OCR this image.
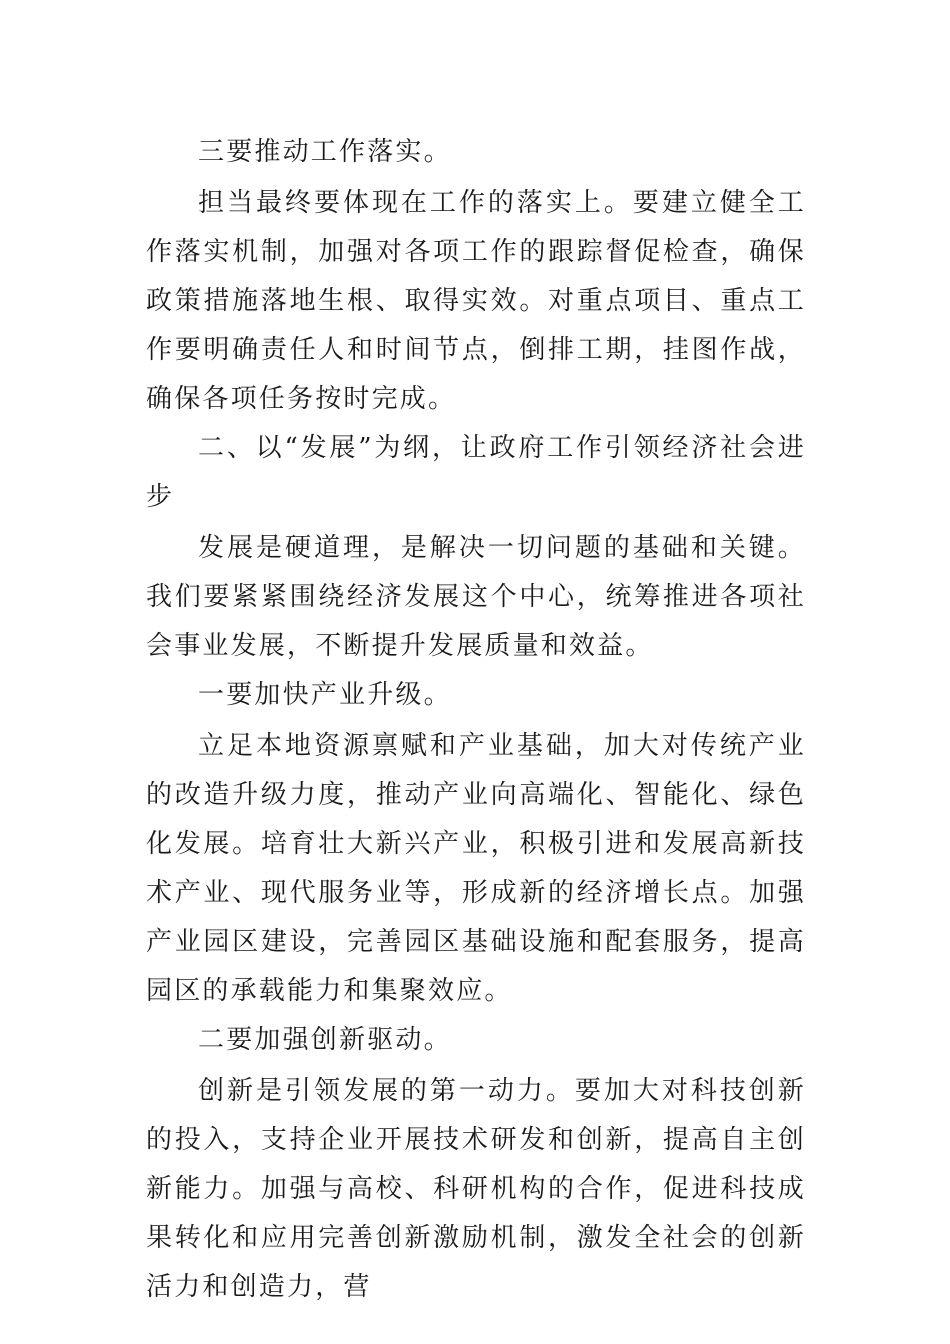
三要推动工作落实。

担当最终要体现在工作的落实上。要建立健全工作落实机制，加强对各项工作的跟踪督促检查，确保政策措施落地生根、取得实效。对重点项目、重点工作要明确责任人和时间节点，倒排工期，挂图作战，确保各项任务按时完成。

二、以“发展”为纲，让政府工作引领经济社会进步

发展是硬道理，是解决一切问题的基础和关键。我们要紧紧围绕经济发展这个中心，统筹推进各项社会事业发展，不断提升发展质量和效益。

一要加快产业升级。

立足本地资源禀赋和产业基础，加大对传统产业的改造升级力度，推动产业向高端化、智能化、绿色化发展。培育壮大新兴产业，积极引进和发展高新技术产业、现代服务业等，形成新的经济增长点。加强产业园区建设，完善园区基础设施和配套服务，提高园区的承载能力和集聚效应。

二要加强创新驱动。

创新是引领发展的第一动力。要加大对科技创新的投入，支持企业开展技术研发和创新，提高自主创新能力。加强与高校、科研机构的合作，促进科技成果转化和应用完善创新激励机制，激发全社会的创新活力和创造力，营
